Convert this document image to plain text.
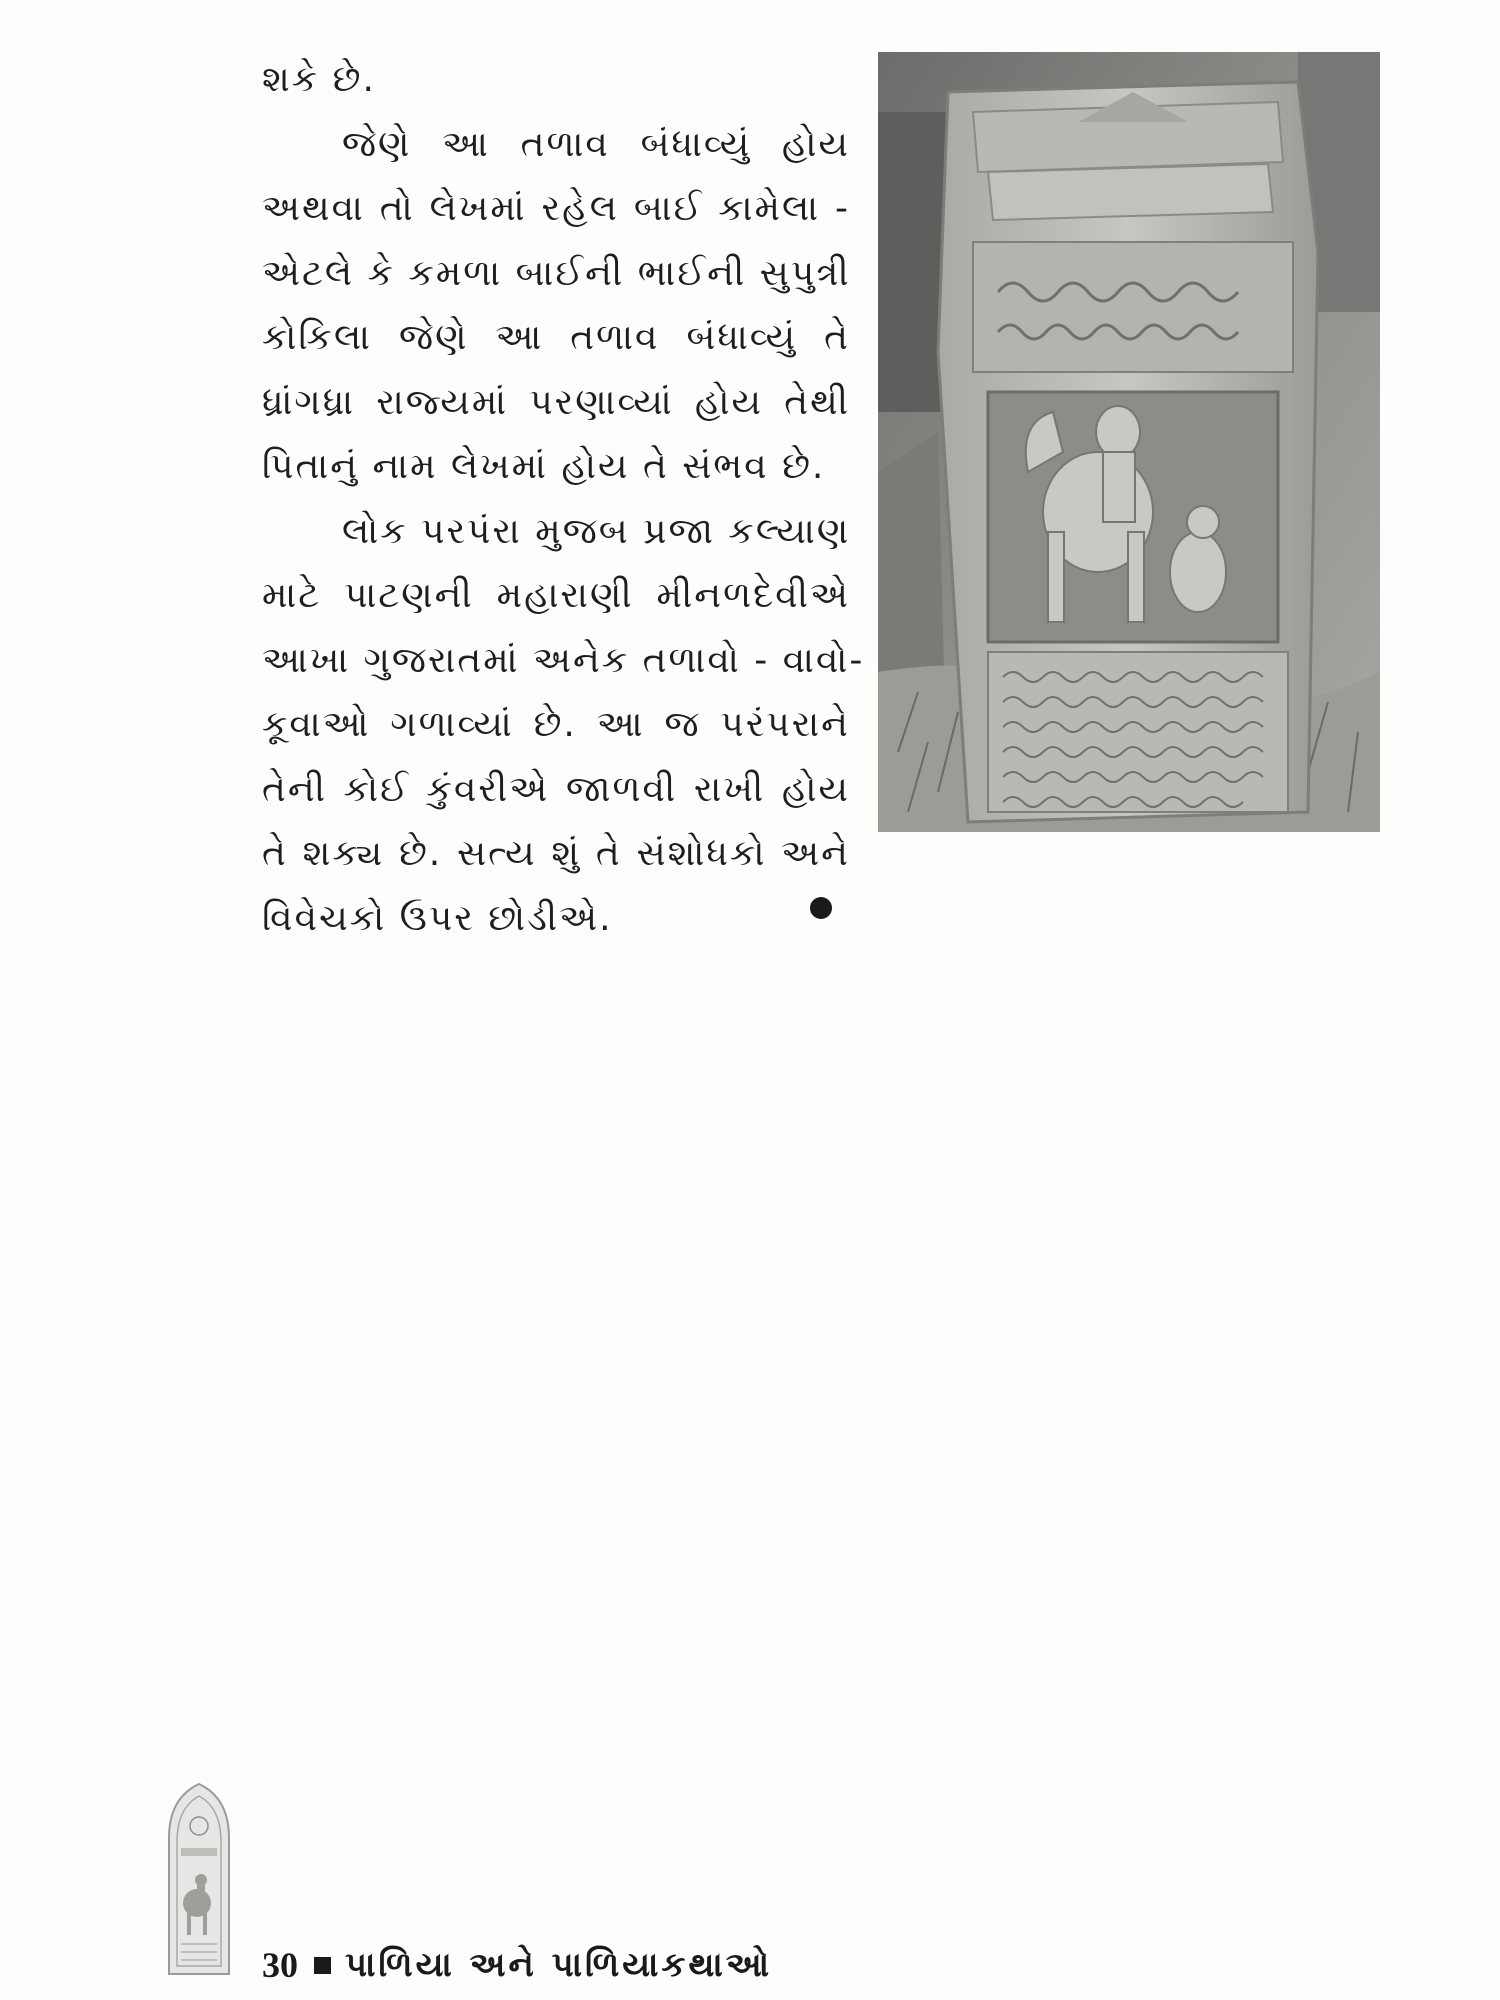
શકે છે.
જેણે આ તળાવ બંધાવ્યું હોય
અથવા તો લેખમાં રહેલ બાઈ કામેલા -
એટલે કે કમળા બાઈની ભાઈની સુપુત્રી
કોકિલા જેણે આ તળાવ બંધાવ્યું તે
ધ્રાંગધ્રા રાજ્યમાં પરણાવ્યાં હોય તેથી
પિતાનું નામ લેખમાં હોય તે સંભવ છે.
લોક પરપંરા મુજબ પ્રજા કલ્યાણ
માટે પાટણની મહારાણી મીનળદેવીએ
આખા ગુજરાતમાં અનેક તળાવો - વાવો-
કૂવાઓ ગળાવ્યાં છે. આ જ પરંપરાને
તેની કોઈ કુંવરીએ જાળવી રાખી હોય
તે શક્ય છે. સત્ય શું તે સંશોધકો અને
વિવેચકો ઉપર છોડીએ.
30 પાળિયા અને પાળિયાકથાઓ
